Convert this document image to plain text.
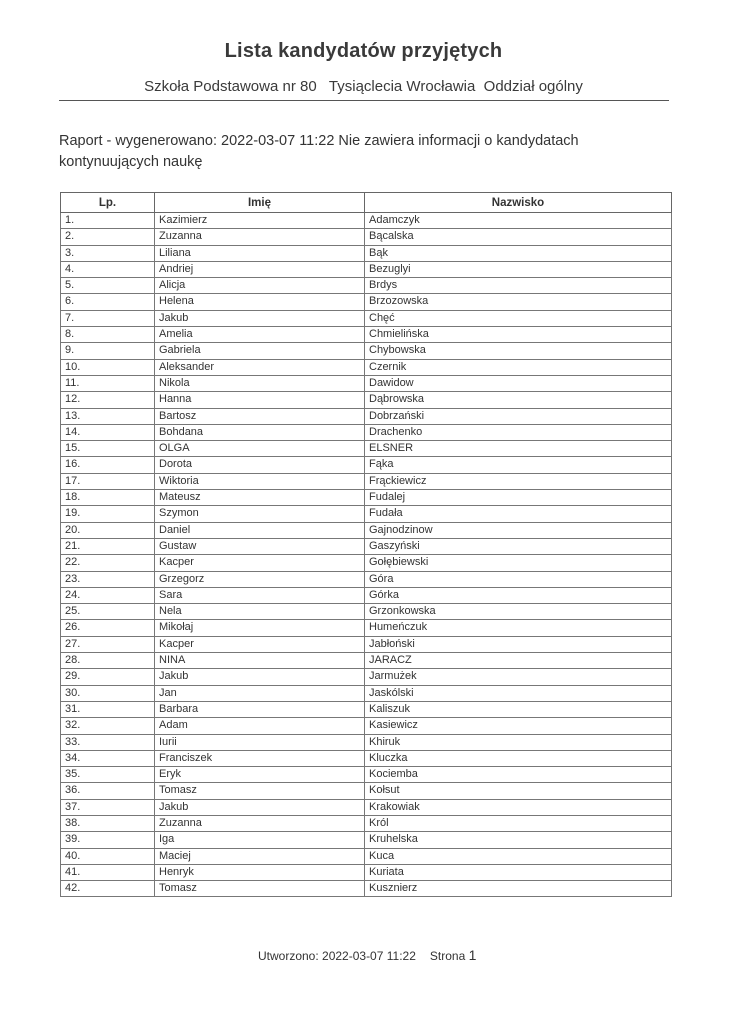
Lista kandydatów przyjętych
Szkoła Podstawowa nr 80   Tysiąclecia Wrocławia  Oddział ogólny
Raport - wygenerowano: 2022-03-07 11:22 Nie zawiera informacji o kandydatach kontynuujących naukę
Lp.	Imię	Nazwisko
1.	Kazimierz	Adamczyk
2.	Zuzanna	Bącalska
3.	Liliana	Bąk
4.	Andriej	Bezuglyi
5.	Alicja	Brdys
6.	Helena	Brzozowska
7.	Jakub	Chęć
8.	Amelia	Chmielińska
9.	Gabriela	Chybowska
10.	Aleksander	Czernik
11.	Nikola	Dawidow
12.	Hanna	Dąbrowska
13.	Bartosz	Dobrzański
14.	Bohdana	Drachenko
15.	OLGA	ELSNER
16.	Dorota	Fąka
17.	Wiktoria	Frąckiewicz
18.	Mateusz	Fudalej
19.	Szymon	Fudała
20.	Daniel	Gajnodzinow
21.	Gustaw	Gaszyński
22.	Kacper	Gołębiewski
23.	Grzegorz	Góra
24.	Sara	Górka
25.	Nela	Grzonkowska
26.	Mikołaj	Humeńczuk
27.	Kacper	Jabłoński
28.	NINA	JARACZ
29.	Jakub	Jarmużek
30.	Jan	Jaskólski
31.	Barbara	Kaliszuk
32.	Adam	Kasiewicz
33.	Iurii	Khiruk
34.	Franciszek	Kluczka
35.	Eryk	Kociemba
36.	Tomasz	Kołsut
37.	Jakub	Krakowiak
38.	Zuzanna	Król
39.	Iga	Kruhelska
40.	Maciej	Kuca
41.	Henryk	Kuriata
42.	Tomasz	Kusznierz
Utworzono: 2022-03-07 11:22 Strona 1
